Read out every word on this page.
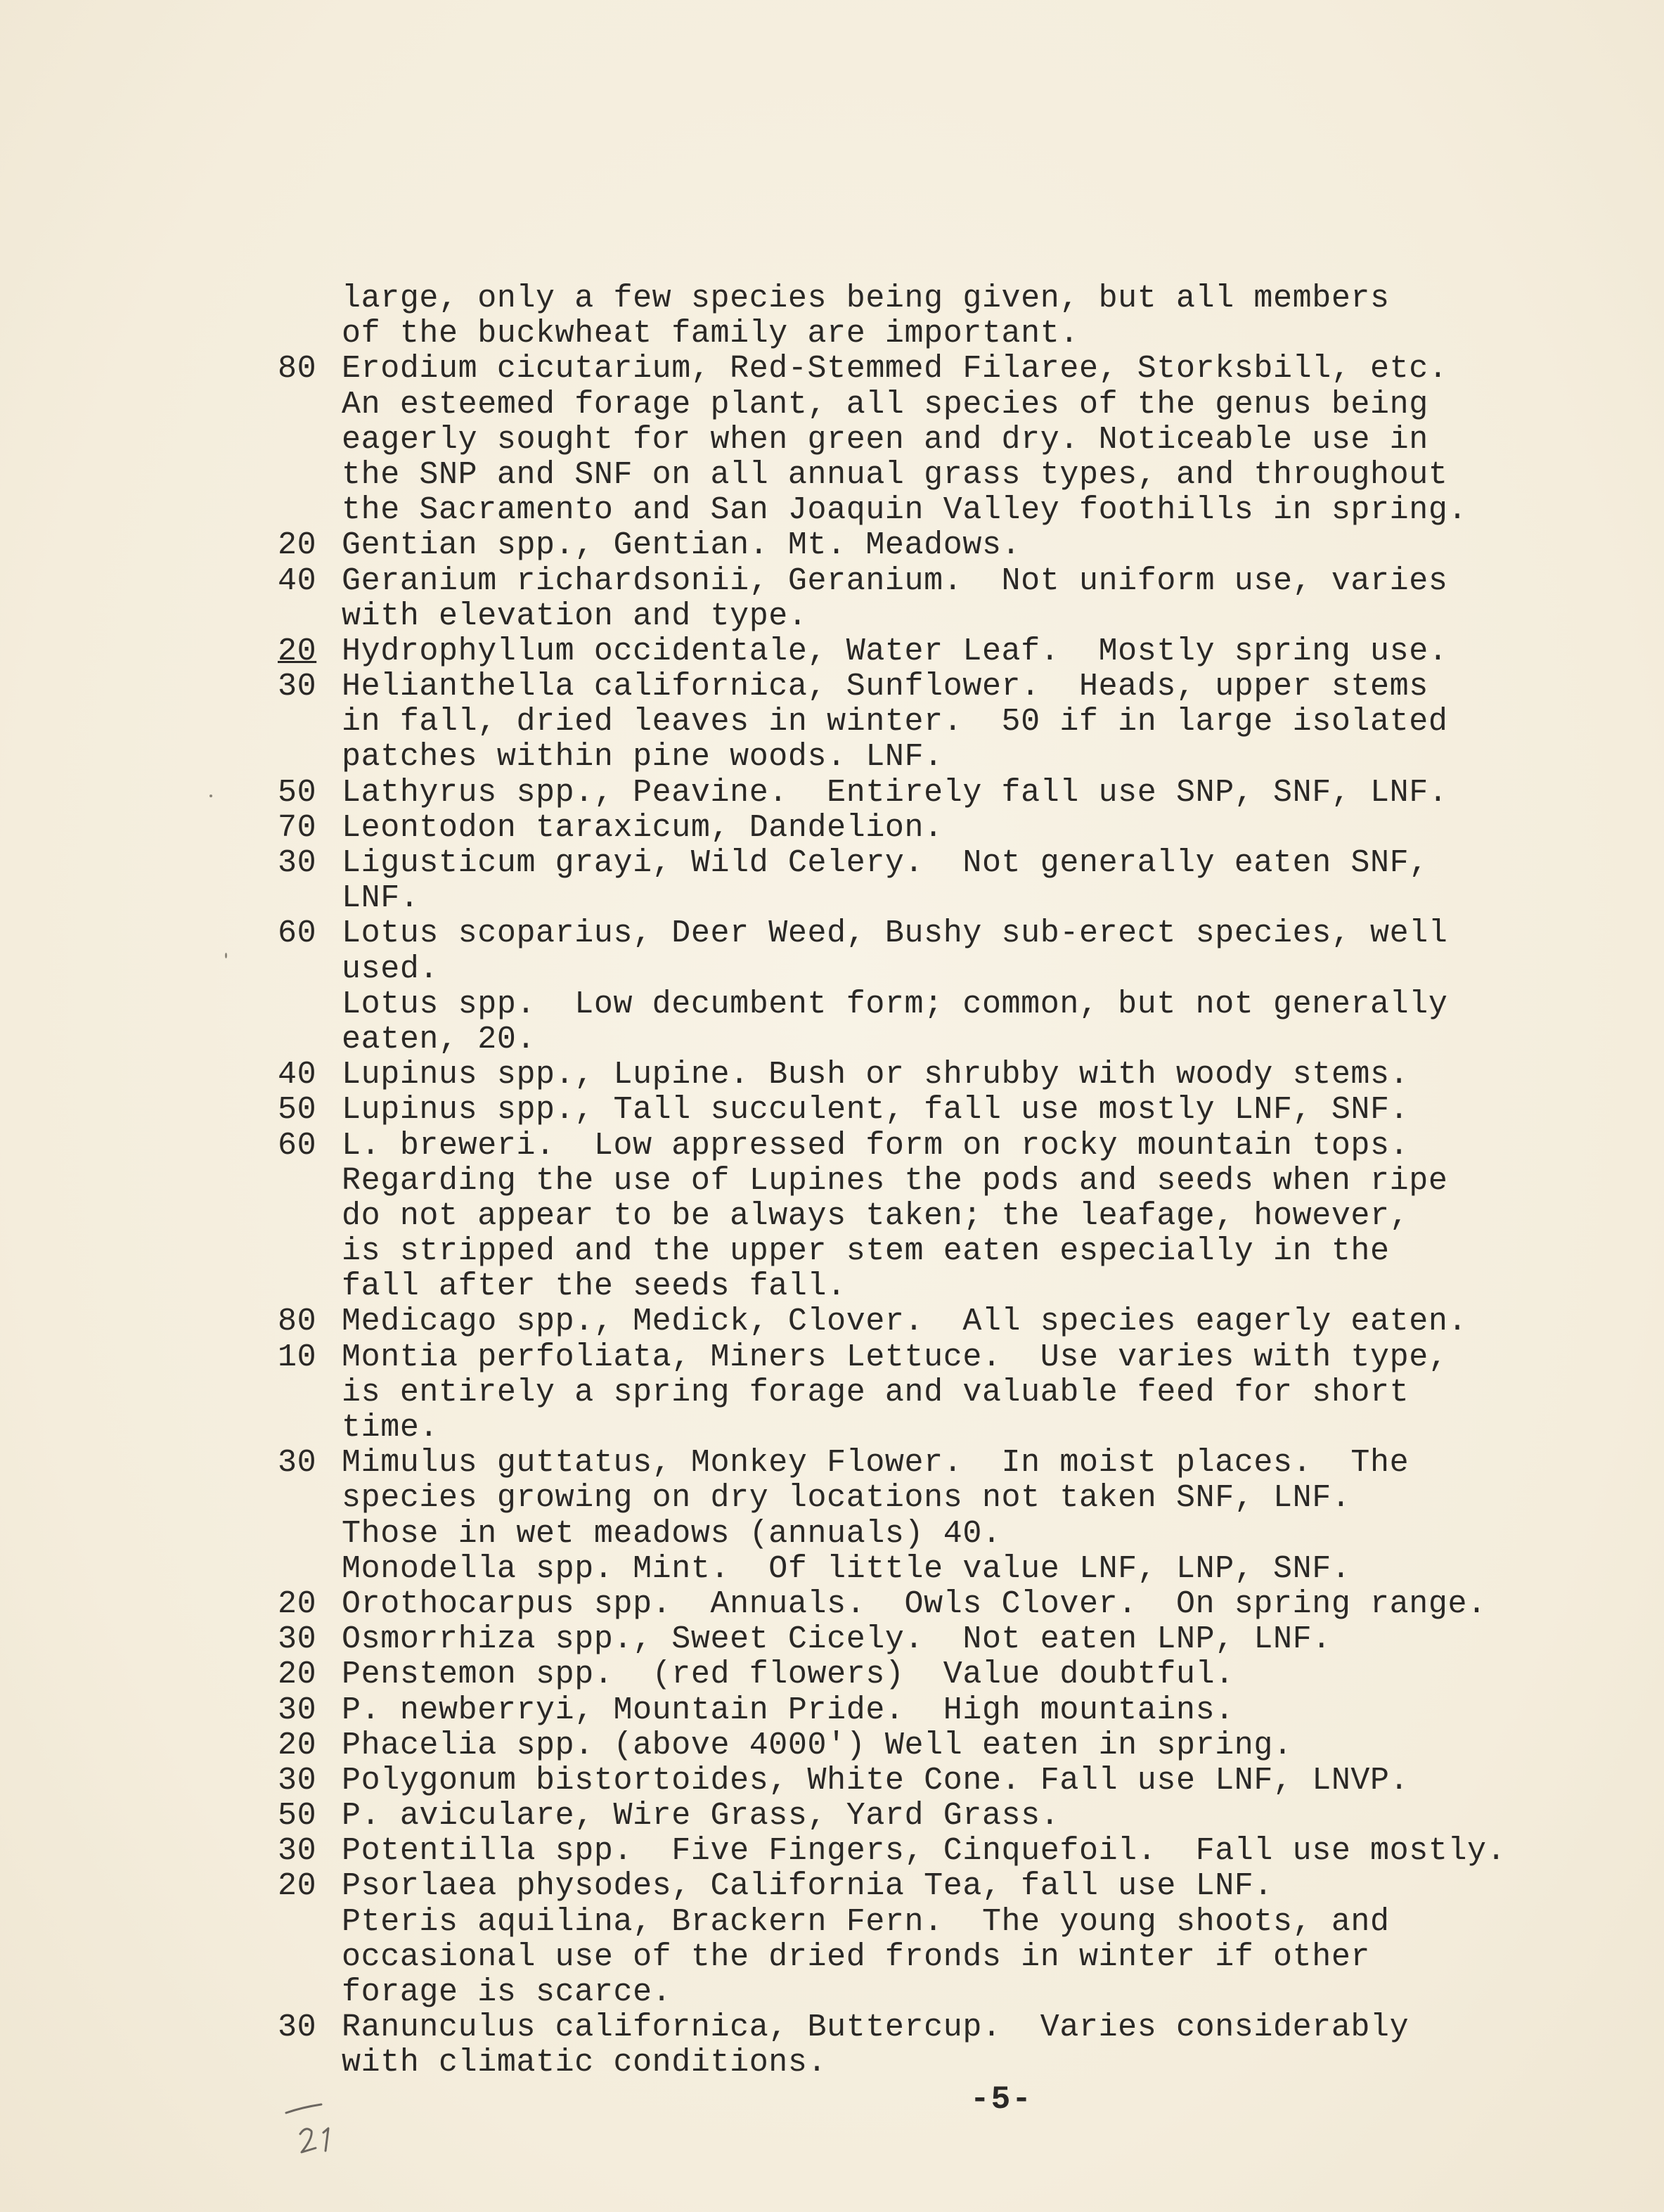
large, only a few species being given, but all members
of the buckwheat family are important.
80 Erodium cicutarium, Red-Stemmed Filaree, Storksbill, etc.
An esteemed forage plant, all species of the genus being
eagerly sought for when green and dry. Noticeable use in
the SNP and SNF on all annual grass types, and throughout
the Sacramento and San Joaquin Valley foothills in spring.
20 Gentian spp., Gentian. Mt. Meadows.
40 Geranium richardsonii, Geranium.  Not uniform use, varies
with elevation and type.
20 Hydrophyllum occidentale, Water Leaf.  Mostly spring use.
30 Helianthella californica, Sunflower.  Heads, upper stems
in fall, dried leaves in winter.  50 if in large isolated
patches within pine woods. LNF.
50 Lathyrus spp., Peavine.  Entirely fall use SNP, SNF, LNF.
70 Leontodon taraxicum, Dandelion.
30 Ligusticum grayi, Wild Celery.  Not generally eaten SNF,
LNF.
60 Lotus scoparius, Deer Weed, Bushy sub-erect species, well
used.
Lotus spp.  Low decumbent form; common, but not generally
eaten, 20.
40 Lupinus spp., Lupine. Bush or shrubby with woody stems.
50 Lupinus spp., Tall succulent, fall use mostly LNF, SNF.
60 L. breweri.  Low appressed form on rocky mountain tops.
Regarding the use of Lupines the pods and seeds when ripe
do not appear to be always taken; the leafage, however,
is stripped and the upper stem eaten especially in the
fall after the seeds fall.
80 Medicago spp., Medick, Clover.  All species eagerly eaten.
10 Montia perfoliata, Miners Lettuce.  Use varies with type,
is entirely a spring forage and valuable feed for short
time.
30 Mimulus guttatus, Monkey Flower.  In moist places.  The
species growing on dry locations not taken SNF, LNF.
Those in wet meadows (annuals) 40.
Monodella spp. Mint.  Of little value LNF, LNP, SNF.
20 Orothocarpus spp.  Annuals.  Owls Clover.  On spring range.
30 Osmorrhiza spp., Sweet Cicely.  Not eaten LNP, LNF.
20 Penstemon spp.  (red flowers)  Value doubtful.
30 P. newberryi, Mountain Pride.  High mountains.
20 Phacelia spp. (above 4000') Well eaten in spring.
30 Polygonum bistortoides, White Cone. Fall use LNF, LNVP.
50 P. aviculare, Wire Grass, Yard Grass.
30 Potentilla spp.  Five Fingers, Cinquefoil.  Fall use mostly.
20 Psorlaea physodes, California Tea, fall use LNF.
Pteris aquilina, Brackern Fern.  The young shoots, and
occasional use of the dried fronds in winter if other
forage is scarce.
30 Ranunculus californica, Buttercup.  Varies considerably
with climatic conditions.
-5-
